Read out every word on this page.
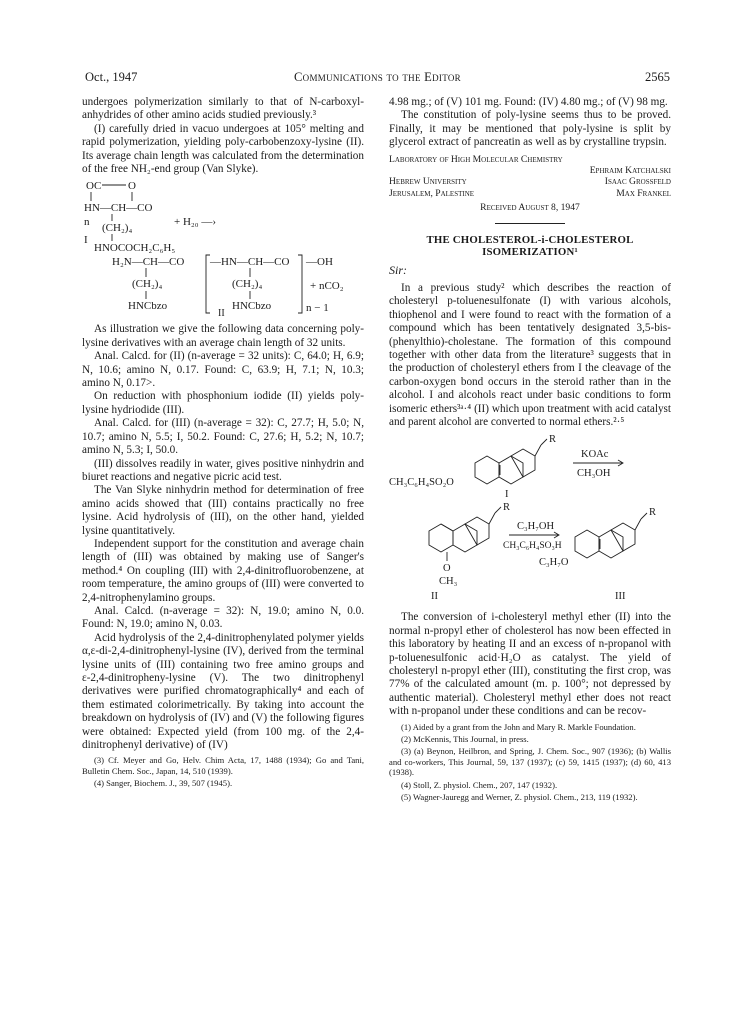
Oct., 1947	Communications to the Editor	2565

undergoes polymerization similarly to that of N-carboxyl-anhydrides of other amino acids studied previously.³

(I) carefully dried in vacuo undergoes at 105° melting and rapid polymerization, yielding poly-carbobenzoxy-lysine (II). Its average chain length was calculated from the determination of the free NH₂-end group (Van Slyke).

OC O
HN—CH—CO
n	+ H₂₀ —›
(CH₂)₄
I
HNOCOCH₂C₆H₅
H₂N—CH—CO —HN—CH—CO —OH
(CH₂)₄	(CH₂)₄	+ nCO₂
HNCbzo	HNCbzo	n − 1
II

As illustration we give the following data concerning poly-lysine derivatives with an average chain length of 32 units.

Anal. Calcd. for (II) (n-average = 32 units): C, 64.0; H, 6.9; N, 10.6; amino N, 0.17. Found: C, 63.9; H, 7.1; N, 10.3; amino N, 0.17>.

On reduction with phosphonium iodide (II) yields poly-lysine hydriodide (III).

Anal. Calcd. for (III) (n-average = 32): C, 27.7; H, 5.0; N, 10.7; amino N, 5.5; I, 50.2. Found: C, 27.6; H, 5.2; N, 10.7; amino N, 5.3; I, 50.0.

(III) dissolves readily in water, gives positive ninhydrin and biuret reactions and negative picric acid test.

The Van Slyke ninhydrin method for determination of free amino acids showed that (III) contains practically no free lysine. Acid hydrolysis of (III), on the other hand, yielded lysine quantitatively.

Independent support for the constitution and average chain length of (III) was obtained by making use of Sanger's method.⁴ On coupling (III) with 2,4-dinitrofluorobenzene, at room temperature, the amino groups of (III) were converted to 2,4-nitrophenylamino groups.

Anal. Calcd. (n-average = 32): N, 19.0; amino N, 0.0. Found: N, 19.0; amino N, 0.03.

Acid hydrolysis of the 2,4-dinitrophenylated polymer yields α,ε-di-2,4-dinitrophenyl-lysine (IV), derived from the terminal lysine units of (III) containing two free amino groups and ε-2,4-dinitropheny-lysine (V). The two dinitrophenyl derivatives were purified chromatographically⁴ and each of them estimated colorimetrically. By taking into account the breakdown on hydrolysis of (IV) and (V) the following figures were obtained: Expected yield (from 100 mg. of the 2,4-dinitrophenyl derivative) of (IV)

(3) Cf. Meyer and Go, Helv. Chim Acta, 17, 1488 (1934); Go and Tani, Bulletin Chem. Soc., Japan, 14, 510 (1939).

(4) Sanger, Biochem. J., 39, 507 (1945).

4.98 mg.; of (V) 101 mg. Found: (IV) 4.80 mg.; of (V) 98 mg.

The constitution of poly-lysine seems thus to be proved. Finally, it may be mentioned that poly-lysine is split by glycerol extract of pancreatin as well as by crystalline trypsin.

Laboratory of High Molecular Chemistry
Ephraim Katchalski
Hebrew University	Isaac Grossfeld
Jerusalem, Palestine	Max Frankel
Received August 8, 1947
THE CHOLESTEROL-i-CHOLESTEROL ISOMERIZATION¹

Sir:

In a previous study² which describes the reaction of cholesteryl p-toluenesulfonate (I) with various alcohols, thiophenol and I were found to react with the formation of a compound which has been tentatively designated 3,5-bis-(phenylthio)-cholestane. The formation of this compound together with other data from the literature³ suggests that in the production of cholesteryl ethers from I the cleavage of the carbon-oxygen bond occurs in the steroid rather than in the alcohol. I and alcohols react under basic conditions to form isomeric ethers³ᵃ·⁴ (II) which upon treatment with acid catalyst and parent alcohol are converted to normal ethers.²·⁵

R
KOAc
CH₃OH
CH₃C₆H₄SO₂O
I
R	R
C₃H₇OH
CH₃C₆H₄SO₃H
O
CH₃
C₃H₇O
II	III

The conversion of i-cholesteryl methyl ether (II) into the normal n-propyl ether of cholesterol has now been effected in this laboratory by heating II and an excess of n-propanol with p-toluenesulfonic acid·H₂O as catalyst. The yield of cholesteryl n-propyl ether (III), constituting the first crop, was 77% of the calculated amount (m. p. 100°; not depressed by authentic material). Cholesteryl methyl ether does not react with n-propanol under these conditions and can be recov-

(1) Aided by a grant from the John and Mary R. Markle Foundation.

(2) McKennis, This Journal, in press.

(3) (a) Beynon, Heilbron, and Spring, J. Chem. Soc., 907 (1936); (b) Wallis and co-workers, This Journal, 59, 137 (1937); (c) 59, 1415 (1937); (d) 60, 413 (1938).

(4) Stoll, Z. physiol. Chem., 207, 147 (1932).

(5) Wagner-Jauregg and Werner, Z. physiol. Chem., 213, 119 (1932).
